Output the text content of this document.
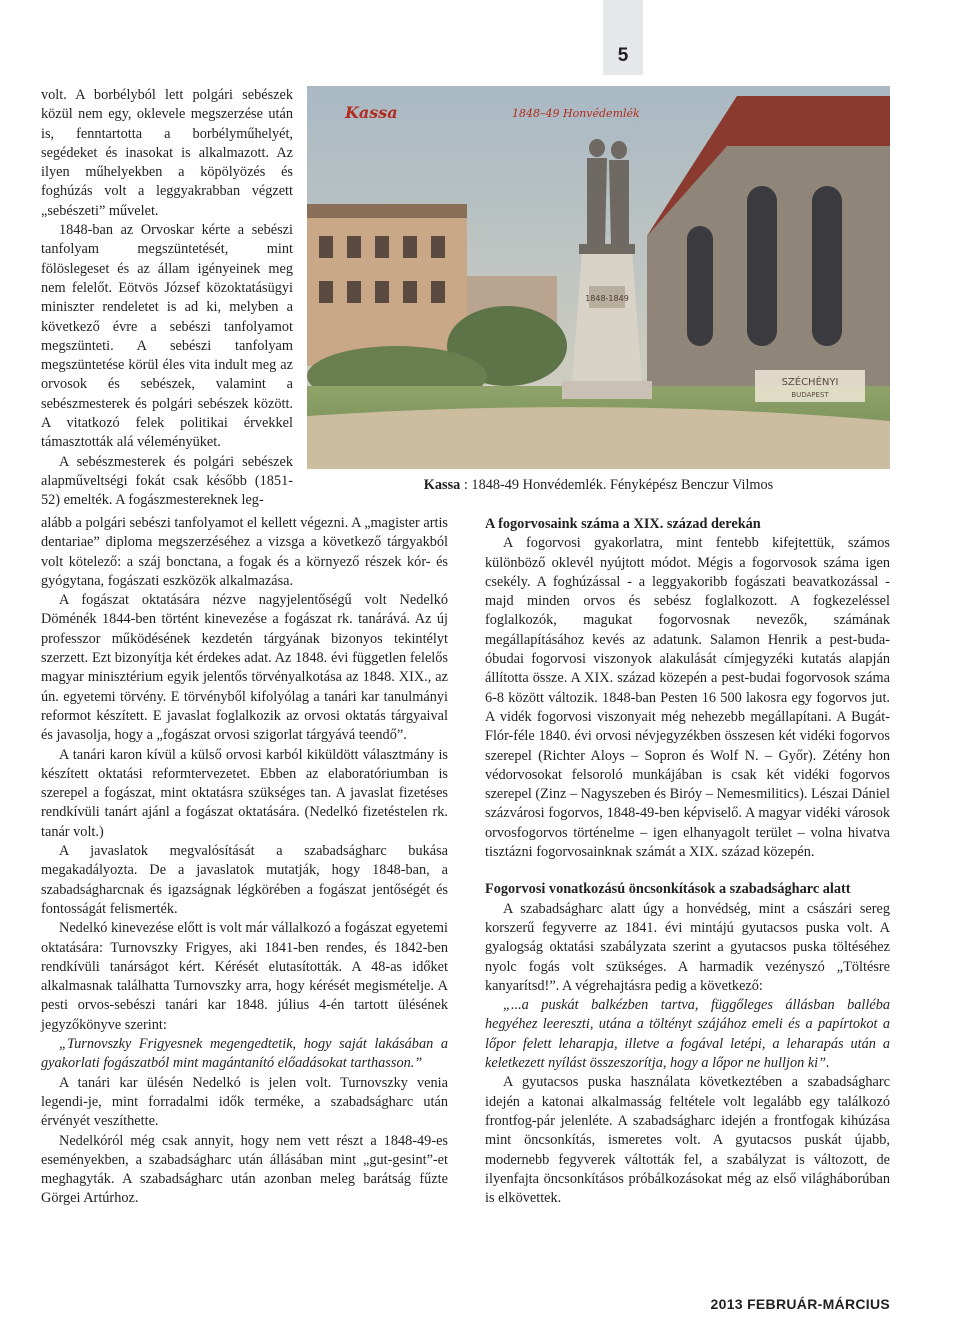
5

volt. A borbélyból lett polgári sebészek közül nem egy, oklevele megszerzése után is, fenntartotta a borbélyműhelyét, segédeket és inasokat is alkalmazott. Az ilyen műhelyekben a köpölyözés és foghúzás volt a leggyakrabban végzett „sebészeti” művelet.

1848-ban az Orvoskar kérte a sebészi tanfolyam megszüntetését, mint fölöslegeset és az állam igényeinek meg nem felelőt. Eötvös József közoktatásügyi miniszter rendeletet is ad ki, melyben a következő évre a sebészi tanfolyamot megszünteti. A sebészi tanfolyam megszüntetése körül éles vita indult meg az orvosok és sebészek, valamint a sebészmesterek és polgári sebészek között. A vitatkozó felek politikai érvekkel támasztották alá véleményüket.

A sebészmesterek és polgári sebészek alapműveltségi fokát csak később (1851-52) emelték. A fogászmestereknek leg-

1848-1849
Kassa	1848–49 Honvédemlék
SZÉCHÉNYI
BUDAPEST
Kassa : 1848-49 Honvédemlék. Fényképész Benczur Vilmos

alább a polgári sebészi tanfolyamot el kellett végezni. A „magister artis dentariae” diploma megszerzéséhez a vizsga a következő tárgyakból volt kötelező: a száj bonctana, a fogak és a környező részek kór- és gyógytana, fogászati eszközök alkalmazása.

A fogászat oktatására nézve nagyjelentőségű volt Nedelkó Döménék 1844-ben történt kinevezése a fogászat rk. tanárává. Az új professzor működésének kezdetén tárgyának bizonyos tekintélyt szerzett. Ezt bizonyítja két érdekes adat. Az 1848. évi független felelős magyar minisztérium egyik jelentős törvényalkotása az 1848. XIX., az ún. egyetemi törvény. E törvényből kifolyólag a tanári kar tanulmányi reformot készített. E javaslat foglalkozik az orvosi oktatás tárgyaival és javasolja, hogy a „fogászat orvosi szigorlat tárgyává teendő”.

A tanári karon kívül a külső orvosi karból kiküldött választmány is készített oktatási reformtervezetet. Ebben az elaboratóriumban is szerepel a fogászat, mint oktatásra szükséges tan. A javaslat fizetéses rendkívüli tanárt ajánl a fogászat oktatására. (Nedelkó fizetéstelen rk. tanár volt.)

A javaslatok megvalósítását a szabadságharc bukása megakadályozta. De a javaslatok mutatják, hogy 1848-ban, a szabadságharcnak és igazságnak légkörében a fogászat jentőségét és fontosságát felismerték.

Nedelkó kinevezése előtt is volt már vállalkozó a fogászat egyetemi oktatására: Turnovszky Frigyes, aki 1841-ben rendes, és 1842-ben rendkívüli tanárságot kért. Kérését elutasították. A 48-as időket alkalmasnak találhatta Turnovszky arra, hogy kérését megismételje. A pesti orvos-sebészi tanári kar 1848. július 4-én tartott ülésének jegyzőkönyve szerint:

„Turnovszky Frigyesnek megengedtetik, hogy saját lakásában a gyakorlati fogászatból mint magántanító előadásokat tarthasson.”

A tanári kar ülésén Nedelkó is jelen volt. Turnovszky venia legendi-je, mint forradalmi idők terméke, a szabadságharc után érvényét veszíthette.

Nedelkóról még csak annyit, hogy nem vett részt a 1848-49-es eseményekben, a szabadságharc után állásában mint „gut-gesint”-et meghagyták. A szabadságharc után azonban meleg barátság fűzte Görgei Artúrhoz.

A fogorvosaink száma a XIX. század derekán

A fogorvosi gyakorlatra, mint fentebb kifejtettük, számos különböző oklevél nyújtott módot. Mégis a fogorvosok száma igen csekély. A foghúzással - a leggyakoribb fogászati beavatkozással - majd minden orvos és sebész foglalkozott. A fogkezeléssel foglalkozók, magukat fogorvosnak nevezők, számának megállapításához kevés az adatunk. Salamon Henrik a pest-buda-óbudai fogorvosi viszonyok alakulását címjegyzéki kutatás alapján állította össze. A XIX. század közepén a pest-budai fogorvosok száma 6-8 között változik. 1848-ban Pesten 16 500 lakosra egy fogorvos jut. A vidék fogorvosi viszonyait még nehezebb megállapítani. A Bugát-Flór-féle 1840. évi orvosi névjegyzékben összesen két vidéki fogorvos szerepel (Richter Aloys – Sopron és Wolf N. – Győr). Zétény hon védorvosokat felsoroló munkájában is csak két vidéki fogorvos szerepel (Zinz – Nagyszeben és Biróy – Nemesmilitics). Lészai Dániel százvárosi fogorvos, 1848-49-ben képviselő. A magyar vidéki városok orvosfogorvos történelme – igen elhanyagolt terület – volna hivatva tisztázni fogorvosainknak számát a XIX. század közepén.

Fogorvosi vonatkozású öncsonkítások a szabadságharc alatt

A szabadságharc alatt úgy a honvédség, mint a császári sereg korszerű fegyverre az 1841. évi mintájú gyutacsos puska volt. A gyalogság oktatási szabályzata szerint a gyutacsos puska töltéséhez nyolc fogás volt szükséges. A harmadik vezényszó „Töltésre kanyarítsd!”. A végrehajtásra pedig a következő:

„...a puskát balkézben tartva, függőleges állásban balléba hegyéhez leereszti, utána a töltényt szájához emeli és a papírtokot a lőpor felett leharapja, illetve a fogával letépi, a leharapás után a keletkezett nyílást összeszorítja, hogy a lőpor ne hulljon ki”.

A gyutacsos puska használata következtében a szabadságharc idején a katonai alkalmasság feltétele volt legalább egy találkozó frontfog-pár jelenléte. A szabadságharc idején a frontfogak kihúzása mint öncsonkítás, ismeretes volt. A gyutacsos puskát újabb, modernebb fegyverek váltották fel, a szabályzat is változott, de ilyenfajta öncsonkításos próbálkozásokat még az első világháborúban is elkövettek.

2013 FEBRUÁR-MÁRCIUS
